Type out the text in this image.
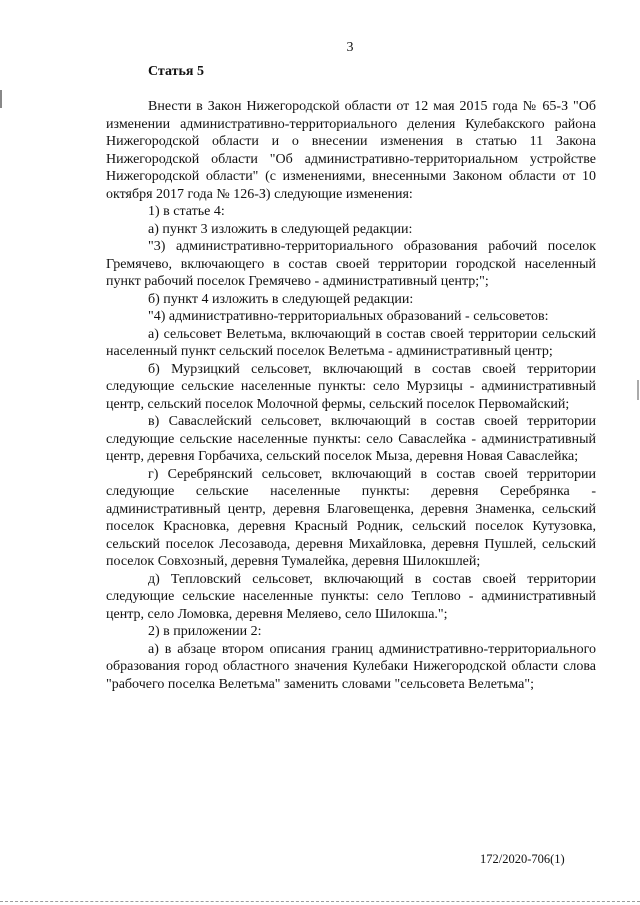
3
Статья 5

Внести в Закон Нижегородской области от 12 мая 2015 года № 65-З "Об изменении административно-территориального деления Кулебакского района Нижегородской области и о внесении изменения в статью 11 Закона Нижегородской области "Об административно-территориальном устройстве Нижегородской области" (с изменениями, внесенными Законом области от 10 октября 2017 года № 126-З) следующие изменения:

1) в статье 4:

а) пункт 3 изложить в следующей редакции:

"3) административно-территориального образования рабочий поселок Гремячево, включающего в состав своей территории городской населенный пункт рабочий поселок Гремячево - административный центр;";

б) пункт 4 изложить в следующей редакции:

"4) административно-территориальных образований - сельсоветов:

а) сельсовет Велетьма, включающий в состав своей территории сельский населенный пункт сельский поселок Велетьма - административный центр;

б) Мурзицкий сельсовет, включающий в состав своей территории следующие сельские населенные пункты: село Мурзицы - административный центр, сельский поселок Молочной фермы, сельский поселок Первомайский;

в) Саваслейский сельсовет, включающий в состав своей территории следующие сельские населенные пункты: село Саваслейка - административный центр, деревня Горбачиха, сельский поселок Мыза, деревня Новая Саваслейка;

г) Серебрянский сельсовет, включающий в состав своей территории следующие сельские населенные пункты: деревня Серебрянка - административный центр, деревня Благовещенка, деревня Знаменка, сельский поселок Красновка, деревня Красный Родник, сельский поселок Кутузовка, сельский поселок Лесозавода, деревня Михайловка, деревня Пушлей, сельский поселок Совхозный, деревня Тумалейка, деревня Шилокшлей;

д) Тепловский сельсовет, включающий в состав своей территории следующие сельские населенные пункты: село Теплово - административный центр, село Ломовка, деревня Меляево, село Шилокша.";

2) в приложении 2:

а) в абзаце втором описания границ административно-территориального образования город областного значения Кулебаки Нижегородской области слова "рабочего поселка Велетьма" заменить словами "сельсовета Велетьма";

172/2020-706(1)
